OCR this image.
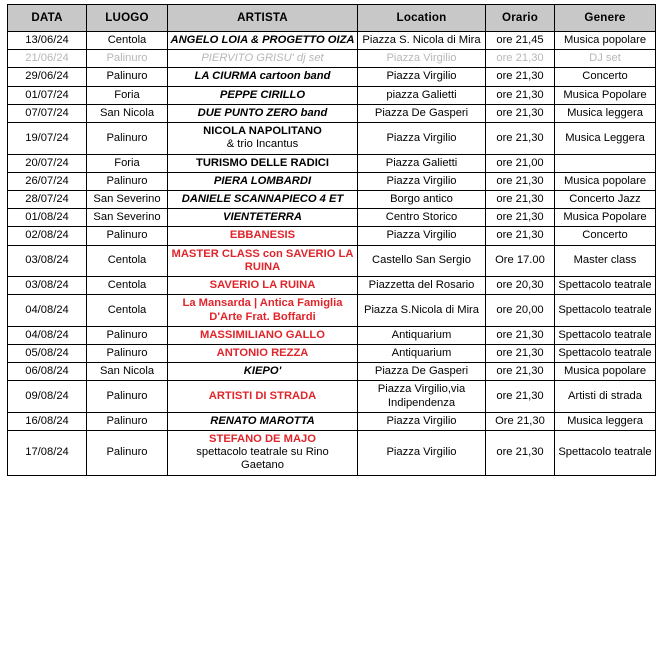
DATA	LUOGO	ARTISTA	Location	Orario	Genere
13/06/24	Centola	ANGELO LOIA & PROGETTO OIZA	Piazza S. Nicola di Mira	ore 21,45	Musica popolare
21/06/24	Palinuro	PIERVITO GRISU' dj set	Piazza Virgilio	ore 21,30	DJ set
29/06/24	Palinuro	LA CIURMA cartoon band	Piazza Virgilio	ore 21,30	Concerto
01/07/24	Foria	PEPPE CIRILLO	piazza Galietti	ore 21,30	Musica Popolare
07/07/24	San Nicola	DUE PUNTO ZERO band	Piazza De Gasperi	ore 21,30	Musica leggera
19/07/24	Palinuro	NICOLA NAPOLITANO
& trio Incantus	Piazza Virgilio	ore 21,30	Musica Leggera
20/07/24	Foria	TURISMO DELLE RADICI	Piazza Galietti	ore 21,00	
26/07/24	Palinuro	PIERA LOMBARDI	Piazza Virgilio	ore 21,30	Musica popolare
28/07/24	San Severino	DANIELE SCANNAPIECO 4 ET	Borgo antico	ore 21,30	Concerto Jazz
01/08/24	San Severino	VIENTETERRA	Centro Storico	ore 21,30	Musica Popolare
02/08/24	Palinuro	EBBANESIS	Piazza Virgilio	ore 21,30	Concerto
03/08/24	Centola	MASTER CLASS con SAVERIO LA
RUINA	Castello San Sergio	Ore 17.00	Master class
03/08/24	Centola	SAVERIO LA RUINA	Piazzetta del Rosario	ore 20,30	Spettacolo teatrale
04/08/24	Centola	La Mansarda | Antica Famiglia
D'Arte Frat. Boffardi	Piazza S.Nicola di Mira	ore 20,00	Spettacolo teatrale
04/08/24	Palinuro	MASSIMILIANO GALLO	Antiquarium	ore 21,30	Spettacolo teatrale
05/08/24	Palinuro	ANTONIO REZZA	Antiquarium	ore 21,30	Spettacolo teatrale
06/08/24	San Nicola	KIEPO'	Piazza De Gasperi	ore 21,30	Musica popolare
09/08/24	Palinuro	ARTISTI DI STRADA	Piazza Virgilio,via Indipendenza	ore 21,30	Artisti di strada
16/08/24	Palinuro	RENATO MAROTTA	Piazza Virgilio	Ore 21,30	Musica leggera
17/08/24	Palinuro	STEFANO DE MAJO
spettacolo teatrale su Rino
Gaetano	Piazza Virgilio	ore 21,30	Spettacolo teatrale
